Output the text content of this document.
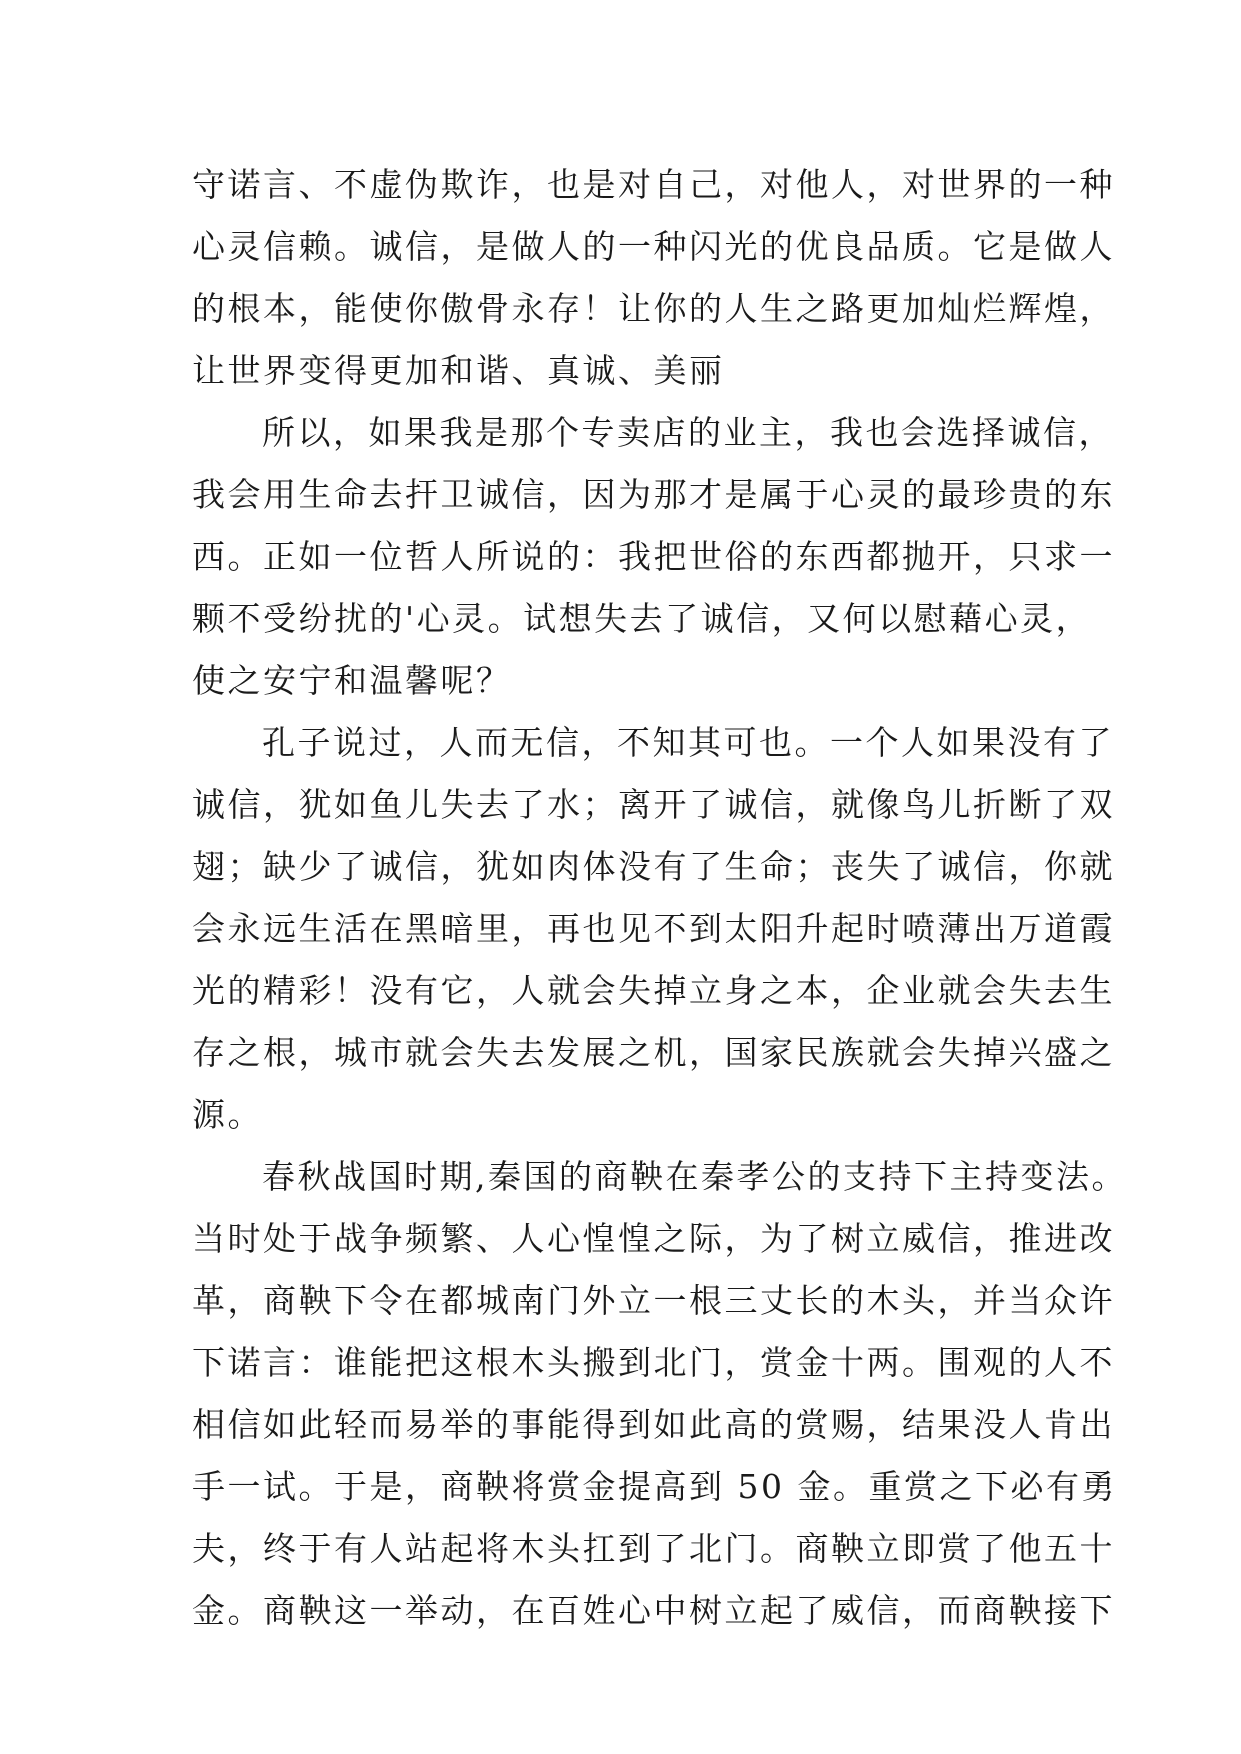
守诺言、不虚伪欺诈，也是对自己，对他人，对世界的一种
心灵信赖。诚信，是做人的一种闪光的优良品质。它是做人
的根本，能使你傲骨永存！让你的人生之路更加灿烂辉煌，
让世界变得更加和谐、真诚、美丽
所以，如果我是那个专卖店的业主，我也会选择诚信，
我会用生命去扞卫诚信，因为那才是属于心灵的最珍贵的东
西。正如一位哲人所说的：我把世俗的东西都抛开，只求一
颗不受纷扰的'心灵。试想失去了诚信，又何以慰藉心灵，
使之安宁和温馨呢？
孔子说过，人而无信，不知其可也。一个人如果没有了
诚信，犹如鱼儿失去了水；离开了诚信，就像鸟儿折断了双
翅；缺少了诚信，犹如肉体没有了生命；丧失了诚信，你就
会永远生活在黑暗里，再也见不到太阳升起时喷薄出万道霞
光的精彩！没有它，人就会失掉立身之本，企业就会失去生
存之根，城市就会失去发展之机，国家民族就会失掉兴盛之
源。
春秋战国时期,秦国的商鞅在秦孝公的支持下主持变法。
当时处于战争频繁、人心惶惶之际，为了树立威信，推进改
革，商鞅下令在都城南门外立一根三丈长的木头，并当众许
下诺言：谁能把这根木头搬到北门，赏金十两。围观的人不
相信如此轻而易举的事能得到如此高的赏赐，结果没人肯出
手一试。于是，商鞅将赏金提高到 50 金。重赏之下必有勇
夫，终于有人站起将木头扛到了北门。商鞅立即赏了他五十
金。商鞅这一举动，在百姓心中树立起了威信，而商鞅接下
